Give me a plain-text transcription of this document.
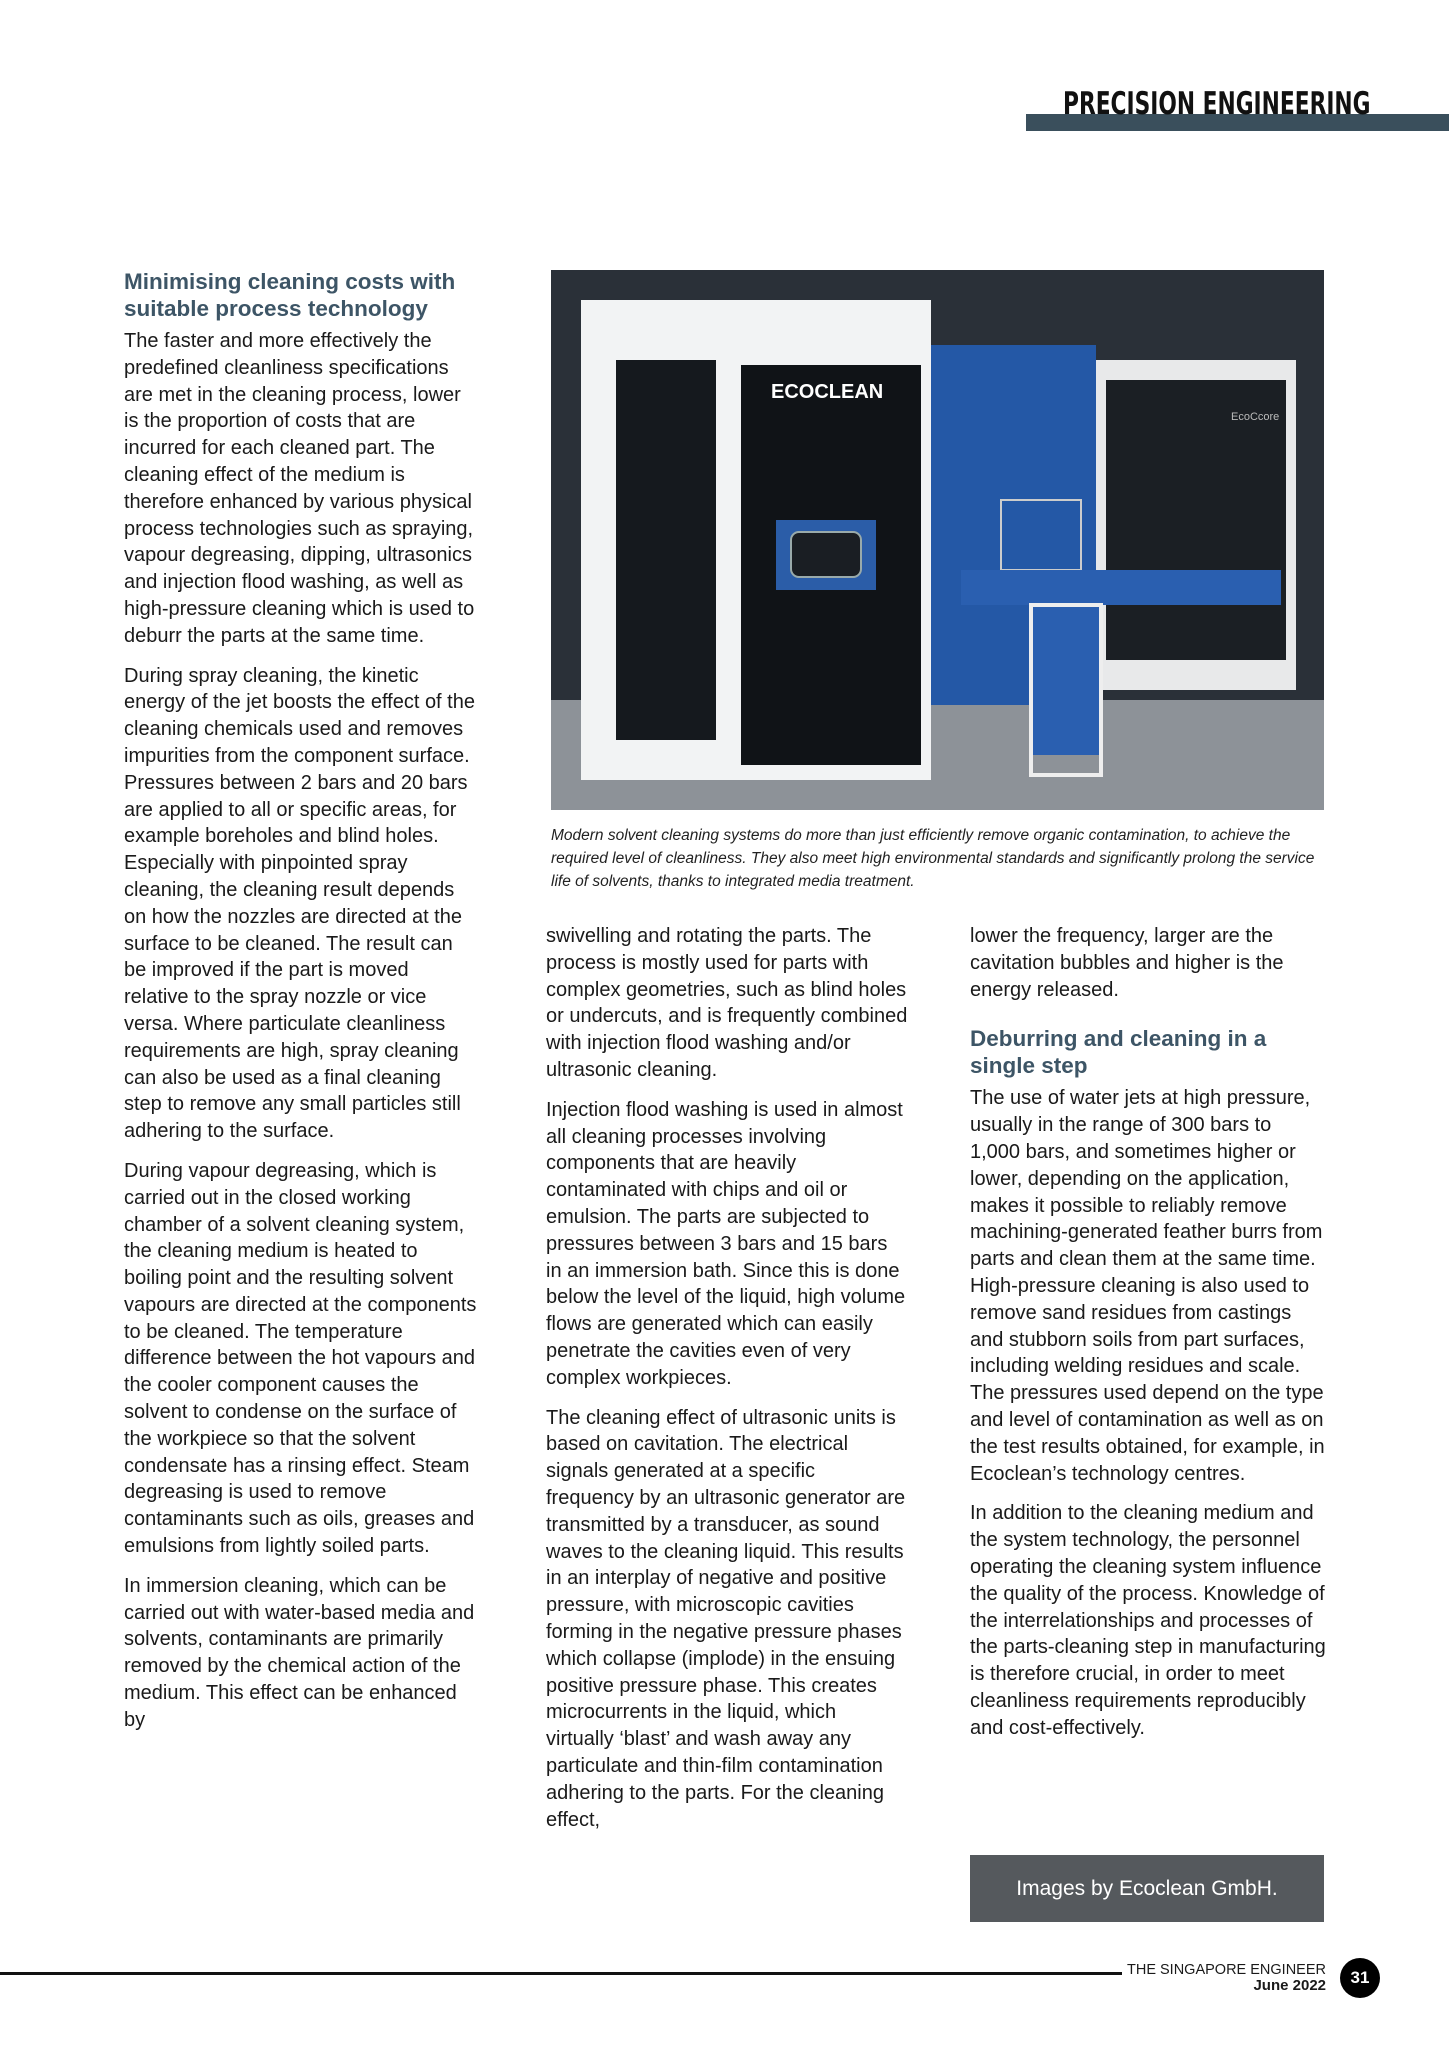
PRECISION ENGINEERING
Minimising cleaning costs with suitable process technology

The faster and more effectively the predefined cleanliness specifications are met in the cleaning process, lower is the proportion of costs that are incurred for each cleaned part. The cleaning effect of the medium is therefore enhanced by various physical process technologies such as spraying, vapour degreasing, dipping, ultrasonics and injection flood washing, as well as high-pressure cleaning which is used to deburr the parts at the same time.

During spray cleaning, the kinetic energy of the jet boosts the effect of the cleaning chemicals used and removes impurities from the component surface. Pressures between 2 bars and 20 bars are applied to all or specific areas, for example boreholes and blind holes. Especially with pinpointed spray cleaning, the cleaning result depends on how the nozzles are directed at the surface to be cleaned. The result can be improved if the part is moved relative to the spray nozzle or vice versa. Where particulate cleanliness requirements are high, spray cleaning can also be used as a final cleaning step to remove any small particles still adhering to the surface.

During vapour degreasing, which is carried out in the closed working chamber of a solvent cleaning system, the cleaning medium is heated to boiling point and the resulting solvent vapours are directed at the components to be cleaned. The temperature difference between the hot vapours and the cooler component causes the solvent to condense on the surface of the workpiece so that the solvent condensate has a rinsing effect. Steam degreasing is used to remove contaminants such as oils, greases and emulsions from lightly soiled parts.

In immersion cleaning, which can be carried out with water-based media and solvents, contaminants are primarily removed by the chemical action of the medium. This effect can be enhanced by

ECOCLEAN
EcoCcore
Modern solvent cleaning systems do more than just efficiently remove organic contamination, to achieve the required level of cleanliness. They also meet high environmental standards and significantly prolong the service life of solvents, thanks to integrated media treatment.

swivelling and rotating the parts. The process is mostly used for parts with complex geometries, such as blind holes or undercuts, and is frequently combined with injection flood washing and/or ultrasonic cleaning.

Injection flood washing is used in almost all cleaning processes involving components that are heavily contaminated with chips and oil or emulsion. The parts are subjected to pressures between 3 bars and 15 bars in an immersion bath. Since this is done below the level of the liquid, high volume flows are generated which can easily penetrate the cavities even of very complex workpieces.

The cleaning effect of ultrasonic units is based on cavitation. The electrical signals generated at a specific frequency by an ultrasonic generator are transmitted by a transducer, as sound waves to the cleaning liquid. This results in an interplay of negative and positive pressure, with microscopic cavities forming in the negative pressure phases which collapse (implode) in the ensuing positive pressure phase. This creates microcurrents in the liquid, which virtually ‘blast’ and wash away any particulate and thin-film contamination adhering to the parts. For the cleaning effect,

lower the frequency, larger are the cavitation bubbles and higher is the energy released.

Deburring and cleaning in a single step

The use of water jets at high pressure, usually in the range of 300 bars to 1,000 bars, and sometimes higher or lower, depending on the application, makes it possible to reliably remove machining-generated feather burrs from parts and clean them at the same time. High-pressure cleaning is also used to remove sand residues from castings and stubborn soils from part surfaces, including welding residues and scale. The pressures used depend on the type and level of contamination as well as on the test results obtained, for example, in Ecoclean’s technology centres.

In addition to the cleaning medium and the system technology, the personnel operating the cleaning system influence the quality of the process. Knowledge of the interrelationships and processes of the parts-cleaning step in manufacturing is therefore crucial, in order to meet cleanliness requirements reproducibly and cost-effectively.

Images by Ecoclean GmbH.
THE SINGAPORE ENGINEER
June 2022	31
